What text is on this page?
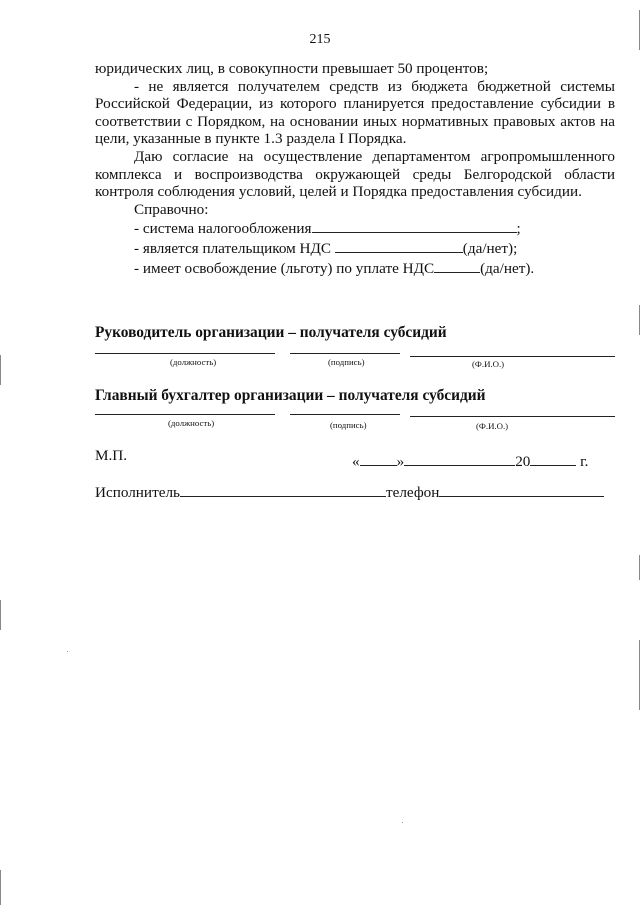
215

юридических лиц, в совокупности превышает 50 процентов;

- не является получателем средств из бюджета бюджетной системы Российской Федерации, из которого планируется предоставление субсидии в соответствии с Порядком, на основании иных нормативных правовых актов на цели, указанные в пункте 1.3 раздела I Порядка.

Даю согласие на осуществление департаментом агропромышленного комплекса и воспроизводства окружающей среды Белгородской области контроля соблюдения условий, целей и Порядка предоставления субсидии.

Справочно:

- система налогообложения	;

- является плательщиком НДС	(да/нет);

- имеет освобождение (льготу) по уплате НДС	(да/нет).

Руководитель организации – получателя субсидий
(должность)	(подпись)	(Ф.И.О.)
Главный бухгалтер организации – получателя субсидий
(должность)	(подпись)	(Ф.И.О.)
М.П.	« »	20	г.
Исполнитель	телефон
